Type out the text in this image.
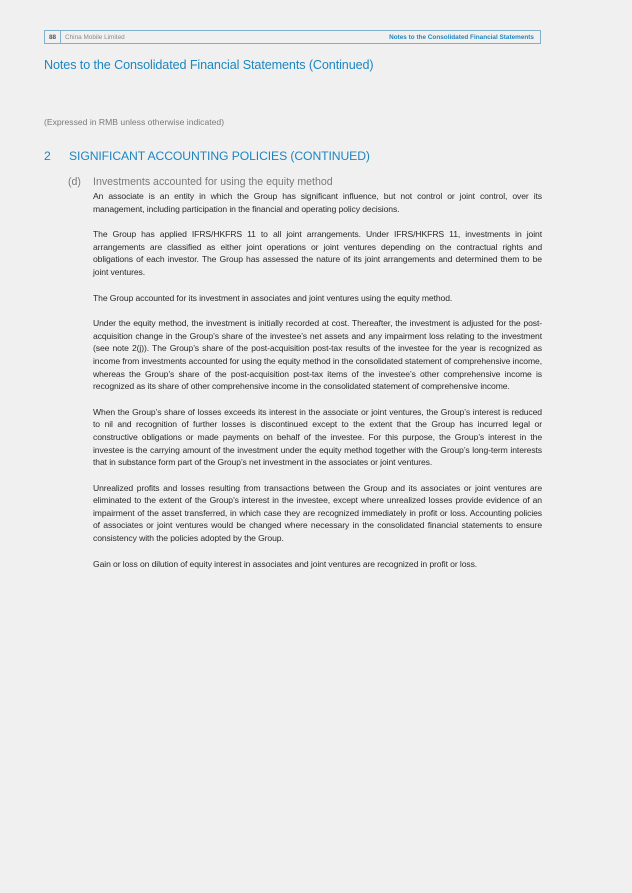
88	China Mobile Limited	Notes to the Consolidated Financial Statements
Notes to the Consolidated Financial Statements (Continued)
(Expressed in RMB unless otherwise indicated)
2	SIGNIFICANT ACCOUNTING POLICIES (CONTINUED)
(d)	Investments accounted for using the equity method

An associate is an entity in which the Group has significant influence, but not control or joint control, over its management, including participation in the financial and operating policy decisions.

The Group has applied IFRS/HKFRS 11 to all joint arrangements. Under IFRS/HKFRS 11, investments in joint arrangements are classified as either joint operations or joint ventures depending on the contractual rights and obligations of each investor. The Group has assessed the nature of its joint arrangements and determined them to be joint ventures.

The Group accounted for its investment in associates and joint ventures using the equity method.

Under the equity method, the investment is initially recorded at cost. Thereafter, the investment is adjusted for the post-acquisition change in the Group’s share of the investee’s net assets and any impairment loss relating to the investment (see note 2(j)). The Group’s share of the post-acquisition post-tax results of the investee for the year is recognized as income from investments accounted for using the equity method in the consolidated statement of comprehensive income, whereas the Group’s share of the post-acquisition post-tax items of the investee’s other comprehensive income is recognized as its share of other comprehensive income in the consolidated statement of comprehensive income.

When the Group’s share of losses exceeds its interest in the associate or joint ventures, the Group’s interest is reduced to nil and recognition of further losses is discontinued except to the extent that the Group has incurred legal or constructive obligations or made payments on behalf of the investee. For this purpose, the Group’s interest in the investee is the carrying amount of the investment under the equity method together with the Group’s long-term interests that in substance form part of the Group’s net investment in the associates or joint ventures.

Unrealized profits and losses resulting from transactions between the Group and its associates or joint ventures are eliminated to the extent of the Group’s interest in the investee, except where unrealized losses provide evidence of an impairment of the asset transferred, in which case they are recognized immediately in profit or loss. Accounting policies of associates or joint ventures would be changed where necessary in the consolidated financial statements to ensure consistency with the policies adopted by the Group.

Gain or loss on dilution of equity interest in associates and joint ventures are recognized in profit or loss.
